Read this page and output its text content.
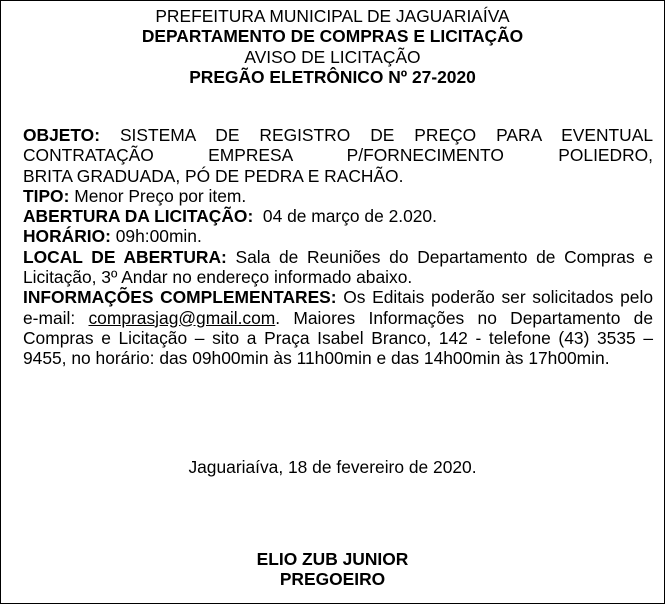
PREFEITURA MUNICIPAL DE JAGUARIAÍVA
DEPARTAMENTO DE COMPRAS E LICITAÇÃO
AVISO DE LICITAÇÃO
PREGÃO ELETRÔNICO Nº 27-2020

OBJETO: SISTEMA DE REGISTRO DE PREÇO PARA EVENTUAL

CONTRATAÇÃO EMPRESA P/FORNECIMENTO POLIEDRO,

BRITA GRADUADA, PÓ DE PEDRA E RACHÃO.

TIPO: Menor Preço por item.

ABERTURA DA LICITAÇÃO:  04 de março de 2.020.

HORÁRIO: 09h:00min.

LOCAL DE ABERTURA: Sala de Reuniões do Departamento de Compras e Licitação, 3º Andar no endereço informado abaixo.

INFORMAÇÕES COMPLEMENTARES: Os Editais poderão ser solicitados pelo e-mail: comprasjag@gmail.com. Maiores Informações no Departamento de Compras e Licitação – sito a Praça Isabel Branco, 142 - telefone (43) 3535 – 9455, no horário: das 09h00min às 11h00min e das 14h00min às 17h00min.

Jaguariaíva, 18 de fevereiro de 2020.
ELIO ZUB JUNIOR
PREGOEIRO
